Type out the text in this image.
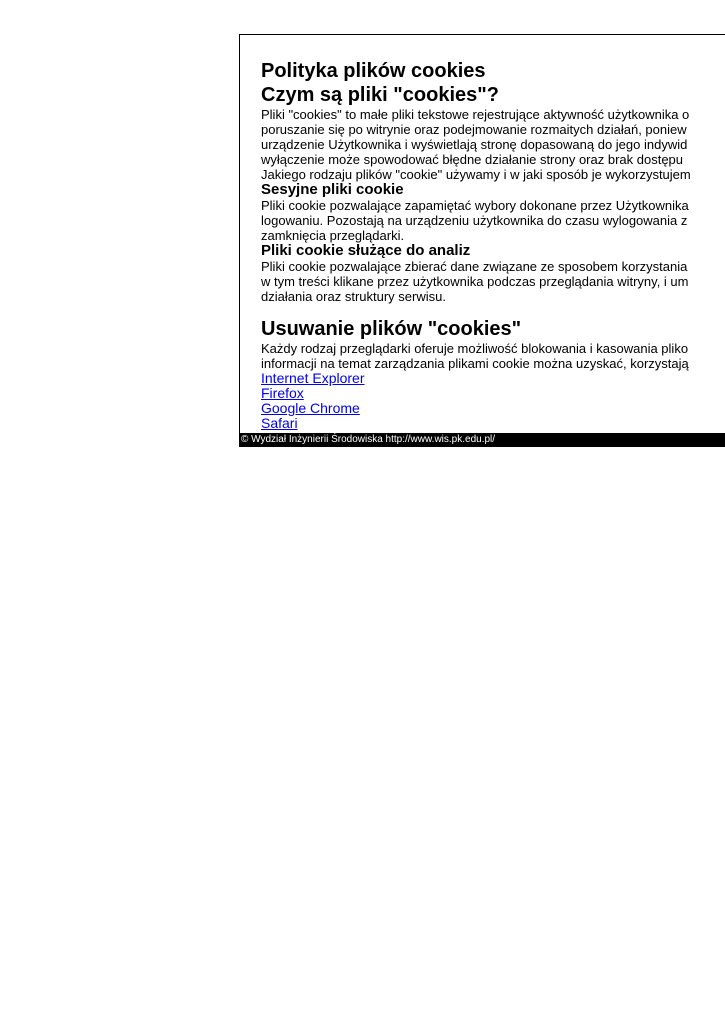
Polityka plików cookies
Czym są pliki "cookies"?
Pliki "cookies" to małe pliki tekstowe rejestrujące aktywność użytkownika o
poruszanie się po witrynie oraz podejmowanie rozmaitych działań, poniew
urządzenie Użytkownika i wyświetlają stronę dopasowaną do jego indywid
wyłączenie może spowodować błędne działanie strony oraz brak dostępu
Jakiego rodzaju plików "cookie" używamy i w jaki sposób je wykorzystujem
Sesyjne pliki cookie
Pliki cookie pozwalające zapamiętać wybory dokonane przez Użytkownika
logowaniu. Pozostają na urządzeniu użytkownika do czasu wylogowania z
zamknięcia przeglądarki.
Pliki cookie służące do analiz
Pliki cookie pozwalające zbierać dane związane ze sposobem korzystania
w tym treści klikane przez użytkownika podczas przeglądania witryny, i um
działania oraz struktury serwisu.
Usuwanie plików "cookies"
Każdy rodzaj przeglądarki oferuje możliwość blokowania i kasowania pliko
informacji na temat zarządzania plikami cookie można uzyskać, korzystają
Internet Explorer
Firefox
Google Chrome
Safari
© Wydział Inżynierii Środowiska http://www.wis.pk.edu.pl/
